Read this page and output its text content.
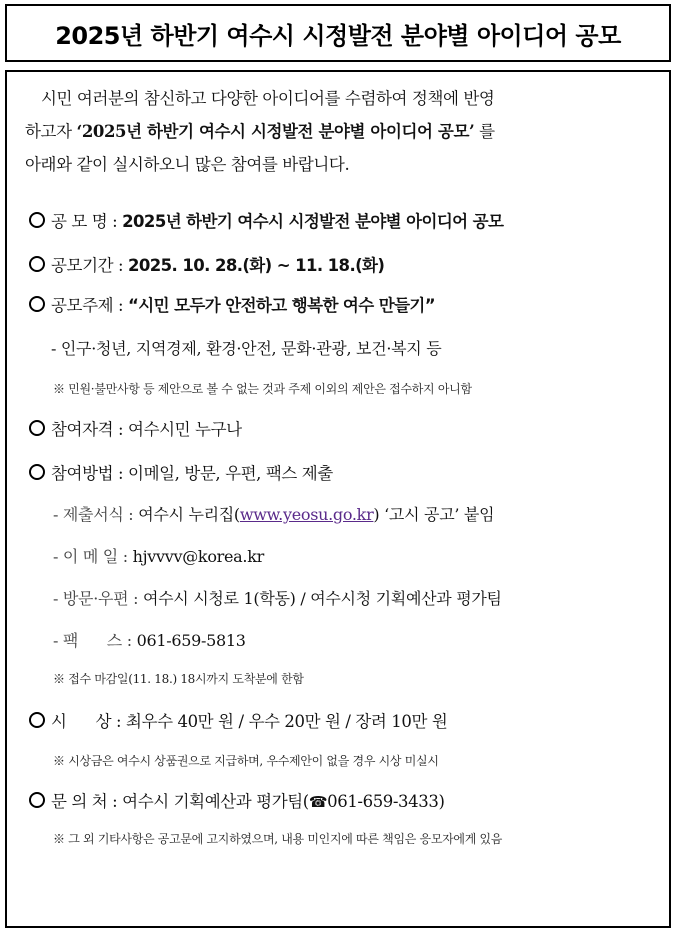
2025년 하반기 여수시 시정발전 분야별 아이디어 공모
시민 여러분의 참신하고 다양한 아이디어를 수렴하여 정책에 반영
하고자 ‘2025년 하반기 여수시 시정발전 분야별 아이디어 공모’ 를
아래와 같이 실시하오니 많은 참여를 바랍니다.
공 모 명 : 2025년 하반기 여수시 시정발전 분야별 아이디어 공모
공모기간 : 2025. 10. 28.(화) ~ 11. 18.(화)
공모주제 : “시민 모두가 안전하고 행복한 여수 만들기”
- 인구·청년, 지역경제, 환경·안전, 문화·관광, 보건·복지 등
※ 민원·불만사항 등 제안으로 볼 수 없는 것과 주제 이외의 제안은 접수하지 아니함
참여자격 : 여수시민 누구나
참여방법 : 이메일, 방문, 우편, 팩스 제출
- 제출서식 : 여수시 누리집(www.yeosu.go.kr) ‘고시 공고’ 붙임
- 이 메 일 : hjvvvv@korea.kr
- 방문·우편 : 여수시 시청로 1(학동) / 여수시청 기획예산과 평가팀
- 팩      스 : 061-659-5813
※ 접수 마감일(11. 18.) 18시까지 도착분에 한함
시      상 : 최우수 40만 원 / 우수 20만 원 / 장려 10만 원
※ 시상금은 여수시 상품권으로 지급하며, 우수제안이 없을 경우 시상 미실시
문 의 처 : 여수시 기획예산과 평가팀(☎061-659-3433)
※ 그 외 기타사항은 공고문에 고지하였으며, 내용 미인지에 따른 책임은 응모자에게 있음
